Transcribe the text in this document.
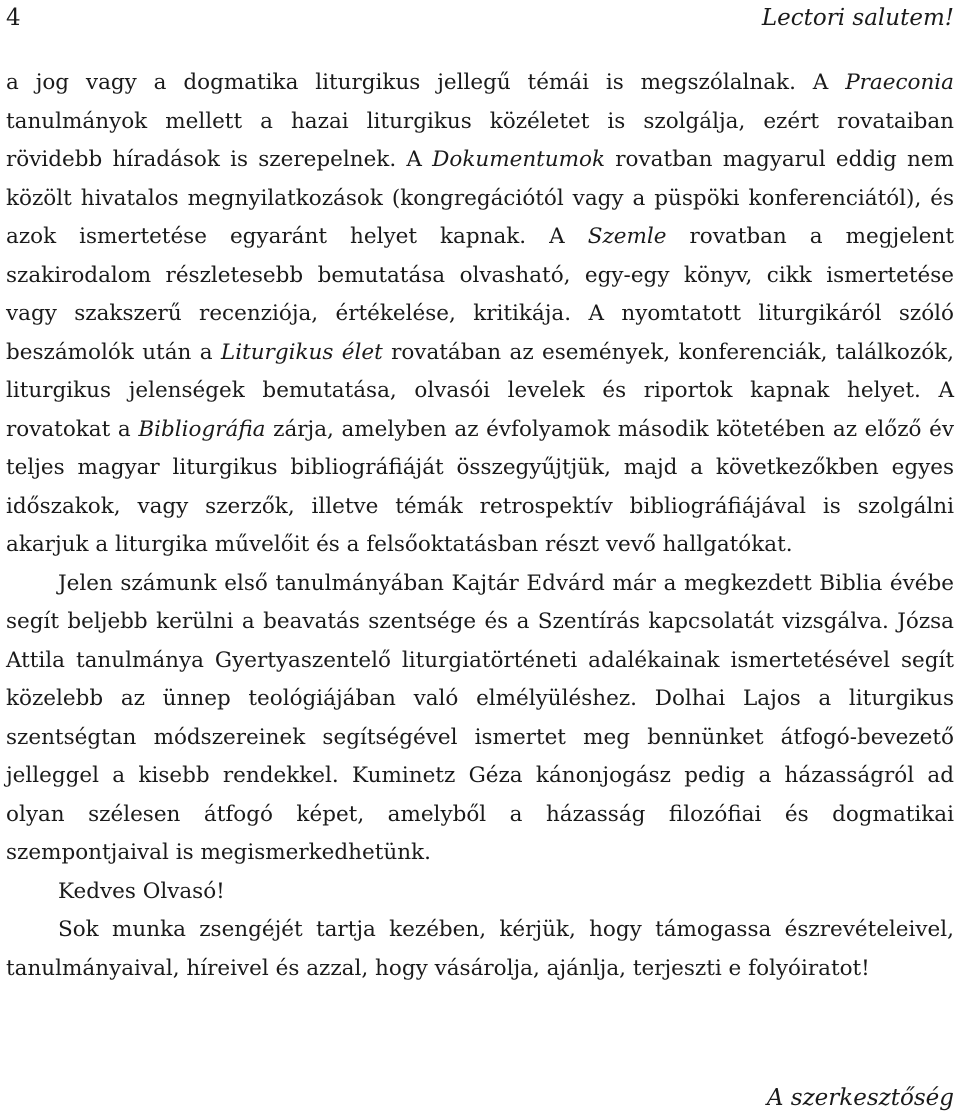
4	Lectori salutem!

a jog vagy a dogmatika liturgikus jellegű témái is megszólalnak. A Praeconia tanulmányok mellett a hazai liturgikus közéletet is szolgálja, ezért rovataiban rövidebb híradások is szerepelnek. A Dokumentumok rovatban magyarul eddig nem közölt hivatalos megnyilatkozások (kongregációtól vagy a püspöki konferenciától), és azok ismertetése egyaránt helyet kapnak. A Szemle rovatban a megjelent szakirodalom részletesebb bemutatása olvasható, egy-egy könyv, cikk ismertetése vagy szakszerű recenziója, értékelése, kritikája. A nyomtatott liturgikáról szóló beszámolók után a Liturgikus élet rovatában az események, konferenciák, találkozók, liturgikus jelenségek bemutatása, olvasói levelek és riportok kapnak helyet. A rovatokat a Bibliográfia zárja, amelyben az évfolyamok második kötetében az előző év teljes magyar liturgikus bibliográfiáját összegyűjtjük, majd a következőkben egyes időszakok, vagy szerzők, illetve témák retrospektív bibliográfiájával is szolgálni akarjuk a liturgika művelőit és a felsőoktatásban részt vevő hallgatókat.

Jelen számunk első tanulmányában Kajtár Edvárd már a megkezdett Biblia évébe segít beljebb kerülni a beavatás szentsége és a Szentírás kapcsolatát vizsgálva. Józsa Attila tanulmánya Gyertyaszentelő liturgiatörténeti adalékainak ismertetésével segít közelebb az ünnep teológiájában való elmélyüléshez. Dolhai Lajos a liturgikus szentségtan módszereinek segítségével ismertet meg bennünket átfogó-bevezető jelleggel a kisebb rendekkel. Kuminetz Géza kánonjogász pedig a házasságról ad olyan szélesen átfogó képet, amelyből a házasság filozófiai és dogmatikai szempontjaival is megismerkedhetünk.

Kedves Olvasó!

Sok munka zsengéjét tartja kezében, kérjük, hogy támogassa észrevételeivel, tanulmányaival, híreivel és azzal, hogy vásárolja, ajánlja, terjeszti e folyóiratot!

A szerkesztőség
